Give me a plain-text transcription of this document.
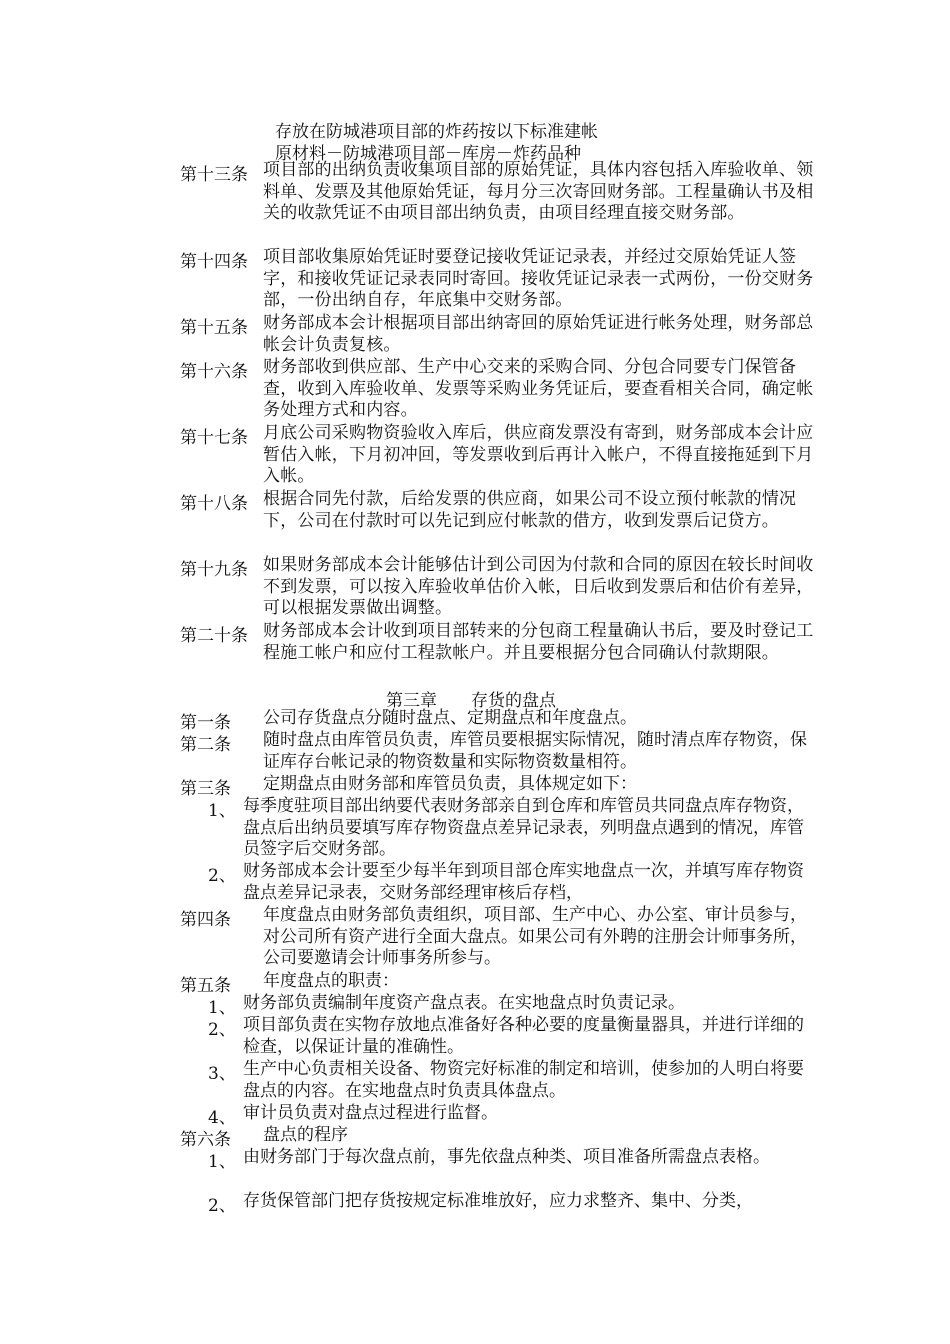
存放在防城港项目部的炸药按以下标准建帐
原材料－防城港项目部－库房－炸药品种
第十三条 项目部的出纳负责收集项目部的原始凭证，具体内容包括入库验收单、领料单、发票及其他原始凭证，每月分三次寄回财务部。工程量确认书及相关的收款凭证不由项目部出纳负责，由项目经理直接交财务部。
第十四条 项目部收集原始凭证时要登记接收凭证记录表，并经过交原始凭证人签字，和接收凭证记录表同时寄回。接收凭证记录表一式两份，一份交财务部，一份出纳自存，年底集中交财务部。
第十五条 财务部成本会计根据项目部出纳寄回的原始凭证进行帐务处理，财务部总帐会计负责复核。
第十六条 财务部收到供应部、生产中心交来的采购合同、分包合同要专门保管备查，收到入库验收单、发票等采购业务凭证后，要查看相关合同，确定帐务处理方式和内容。
第十七条 月底公司采购物资验收入库后，供应商发票没有寄到，财务部成本会计应暂估入帐，下月初冲回，等发票收到后再计入帐户，不得直接拖延到下月入帐。
第十八条 根据合同先付款，后给发票的供应商，如果公司不设立预付帐款的情况下，公司在付款时可以先记到应付帐款的借方，收到发票后记贷方。
第十九条 如果财务部成本会计能够估计到公司因为付款和合同的原因在较长时间收不到发票，可以按入库验收单估价入帐，日后收到发票后和估价有差异，可以根据发票做出调整。
第二十条 财务部成本会计收到项目部转来的分包商工程量确认书后，要及时登记工程施工帐户和应付工程款帐户。并且要根据分包合同确认付款期限。
第三章 存货的盘点
第一条 公司存货盘点分随时盘点、定期盘点和年度盘点。
第二条 随时盘点由库管员负责，库管员要根据实际情况，随时清点库存物资，保证库存台帐记录的物资数量和实际物资数量相符。
第三条 定期盘点由财务部和库管员负责，具体规定如下：
1、 每季度驻项目部出纳要代表财务部亲自到仓库和库管员共同盘点库存物资，盘点后出纳员要填写库存物资盘点差异记录表，列明盘点遇到的情况，库管员签字后交财务部。
2、 财务部成本会计要至少每半年到项目部仓库实地盘点一次，并填写库存物资盘点差异记录表，交财务部经理审核后存档，
第四条 年度盘点由财务部负责组织，项目部、生产中心、办公室、审计员参与，对公司所有资产进行全面大盘点。如果公司有外聘的注册会计师事务所，公司要邀请会计师事务所参与。
第五条 年度盘点的职责：
1、 财务部负责编制年度资产盘点表。在实地盘点时负责记录。
2、 项目部负责在实物存放地点准备好各种必要的度量衡量器具，并进行详细的检查，以保证计量的准确性。
3、 生产中心负责相关设备、物资完好标准的制定和培训，使参加的人明白将要盘点的内容。在实地盘点时负责具体盘点。
4、 审计员负责对盘点过程进行监督。
第六条 盘点的程序
1、 由财务部门于每次盘点前，事先依盘点种类、项目准备所需盘点表格。
2、 存货保管部门把存货按规定标准堆放好，应力求整齐、集中、分类，
